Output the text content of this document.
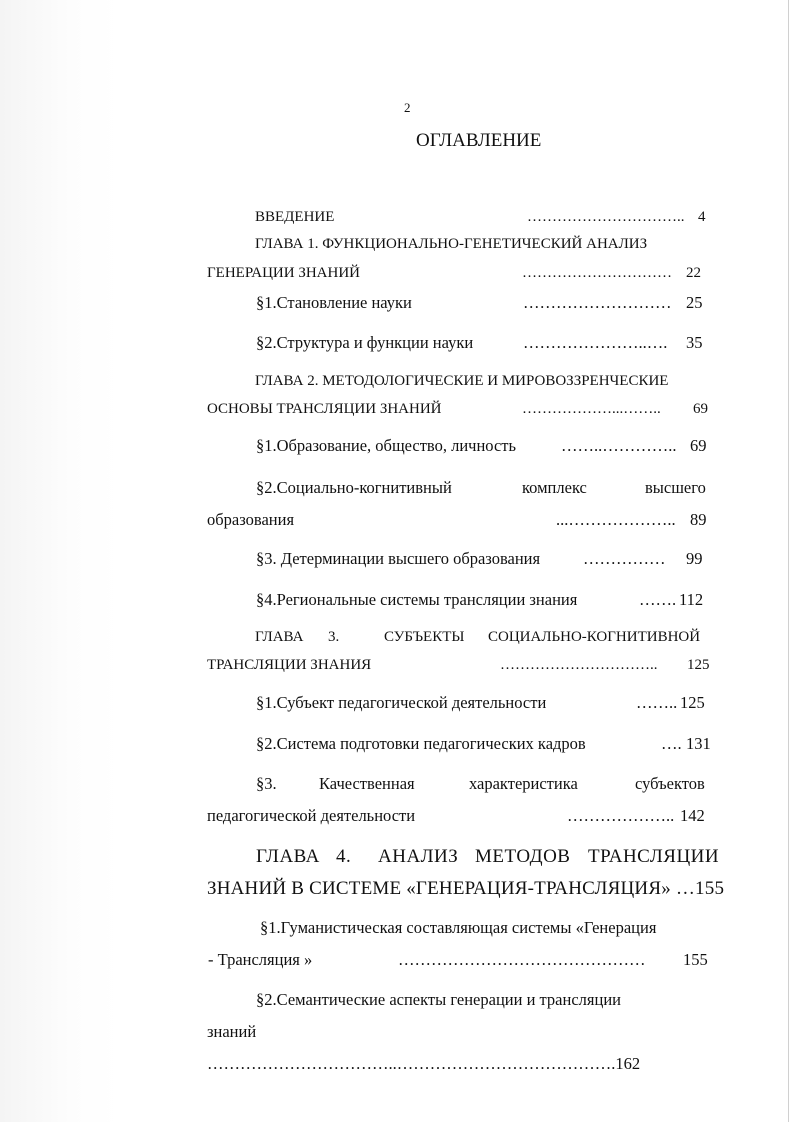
2
ОГЛАВЛЕНИЕ
ВВЕДЕНИЕ	………………………….. 4
ГЛАВА 1. ФУНКЦИОНАЛЬНО-ГЕНЕТИЧЕСКИЙ АНАЛИЗ
ГЕНЕРАЦИИ ЗНАНИЙ	………………………… 22
§1.Становление науки	……………………… 25
§2.Структура и функции науки	…………………..…. 35
ГЛАВА 2. МЕТОДОЛОГИЧЕСКИЕ И МИРОВОЗЗРЕНЧЕСКИЕ
ОСНОВЫ ТРАНСЛЯЦИИ ЗНАНИЙ	………………...…….. 69
§1.Образование, общество, личность	……..………….. 69
§2.Социально-когнитивный	комплекс	высшего
образования	...……………….. 89
§3. Детерминации высшего образования	…………… 99
§4.Региональные системы трансляции знания	……. 112
ГЛАВА 3.	СУБЪЕКТЫ СОЦИАЛЬНО-КОГНИТИВНОЙ
ТРАНСЛЯЦИИ ЗНАНИЯ	………………………….. 125
§1.Субъект педагогической деятельности	…….. 125
§2.Система подготовки педагогических кадров	…. 131
§3.	Качественная	характеристика	субъектов
педагогической деятельности	……………….. 142
ГЛАВА 4. АНАЛИЗ МЕТОДОВ ТРАНСЛЯЦИИ
ЗНАНИЙ В СИСТЕМЕ «ГЕНЕРАЦИЯ-ТРАНСЛЯЦИЯ» …155
§1.Гуманистическая составляющая системы «Генерация
- Трансляция »	……………………………………… 155
§2.Семантические аспекты генерации и трансляции
знаний
……………………………..………………………………….162
